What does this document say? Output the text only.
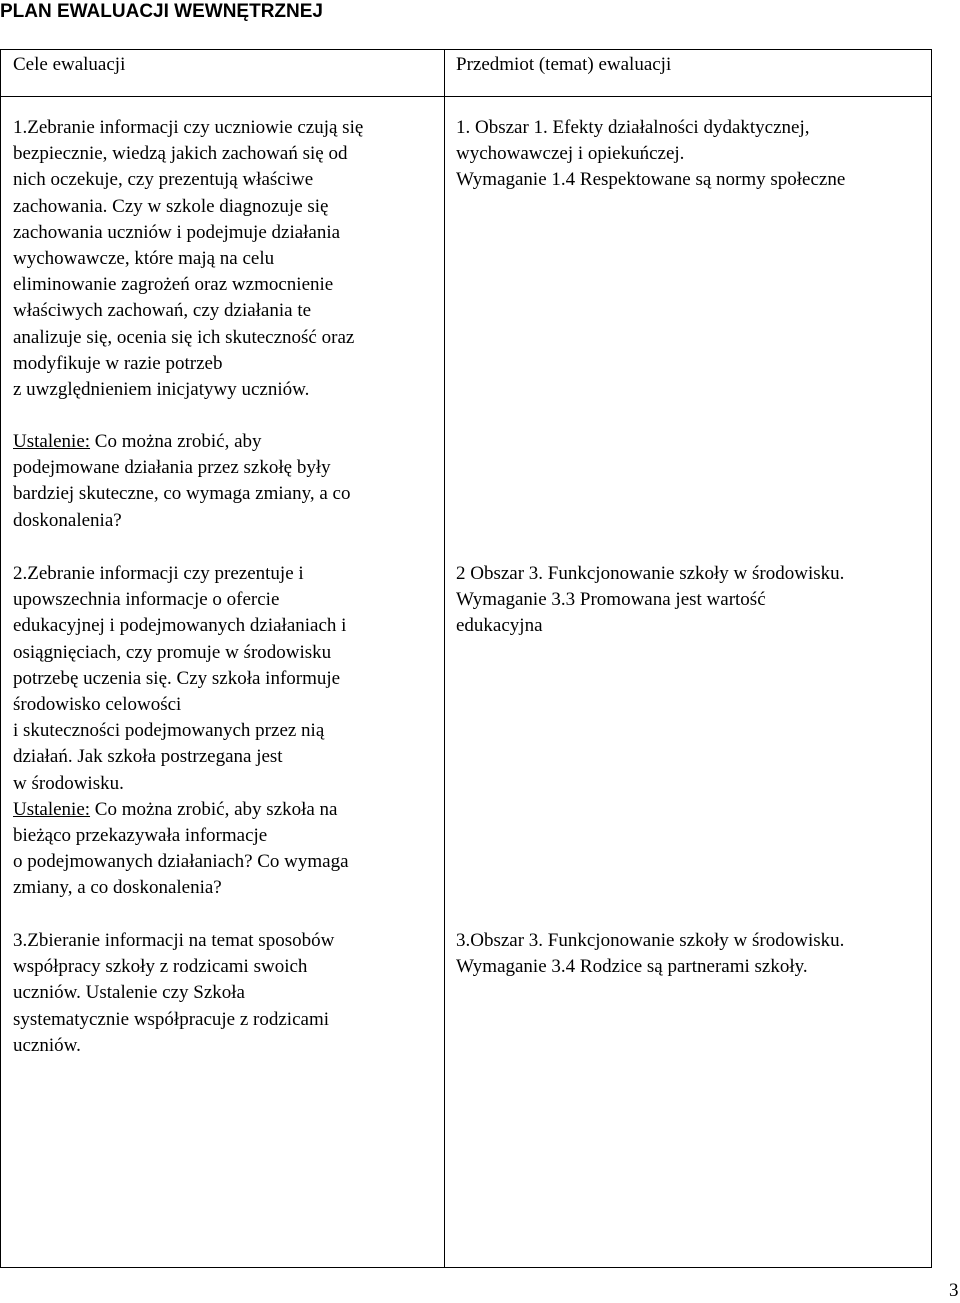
PLAN EWALUACJI WEWNĘTRZNEJ
Cele ewaluacji	Przedmiot (temat) ewaluacji
1.Zebranie informacji czy uczniowie czują się
bezpiecznie, wiedzą jakich zachowań się od
nich oczekuje, czy prezentują właściwe
zachowania. Czy w szkole diagnozuje się
zachowania uczniów i podejmuje działania
wychowawcze, które mają na celu
eliminowanie zagrożeń oraz wzmocnienie
właściwych zachowań, czy działania te
analizuje się, ocenia się ich skuteczność oraz
modyfikuje w razie potrzeb
z uwzględnieniem inicjatywy uczniów.
Ustalenie: Co można zrobić, aby
podejmowane działania przez szkołę były
bardziej skuteczne, co wymaga zmiany, a co
doskonalenia?
1. Obszar 1. Efekty działalności dydaktycznej,
wychowawczej i opiekuńczej.
Wymaganie 1.4 Respektowane są normy społeczne
2.Zebranie informacji czy prezentuje i
upowszechnia informacje o ofercie
edukacyjnej i podejmowanych działaniach i
osiągnięciach, czy promuje w środowisku
potrzebę uczenia się. Czy szkoła informuje
środowisko celowości
i skuteczności podejmowanych przez nią
działań. Jak szkoła postrzegana jest
w środowisku.
Ustalenie: Co można zrobić, aby szkoła na
bieżąco przekazywała informacje
o podejmowanych działaniach? Co wymaga
zmiany, a co doskonalenia?
2 Obszar 3. Funkcjonowanie szkoły w środowisku.
Wymaganie 3.3 Promowana jest wartość
edukacyjna
3.Zbieranie informacji na temat sposobów
współpracy szkoły z rodzicami swoich
uczniów. Ustalenie czy Szkoła
systematycznie współpracuje z rodzicami
uczniów.
3.Obszar 3. Funkcjonowanie szkoły w środowisku.
Wymaganie 3.4 Rodzice są partnerami szkoły.
3
